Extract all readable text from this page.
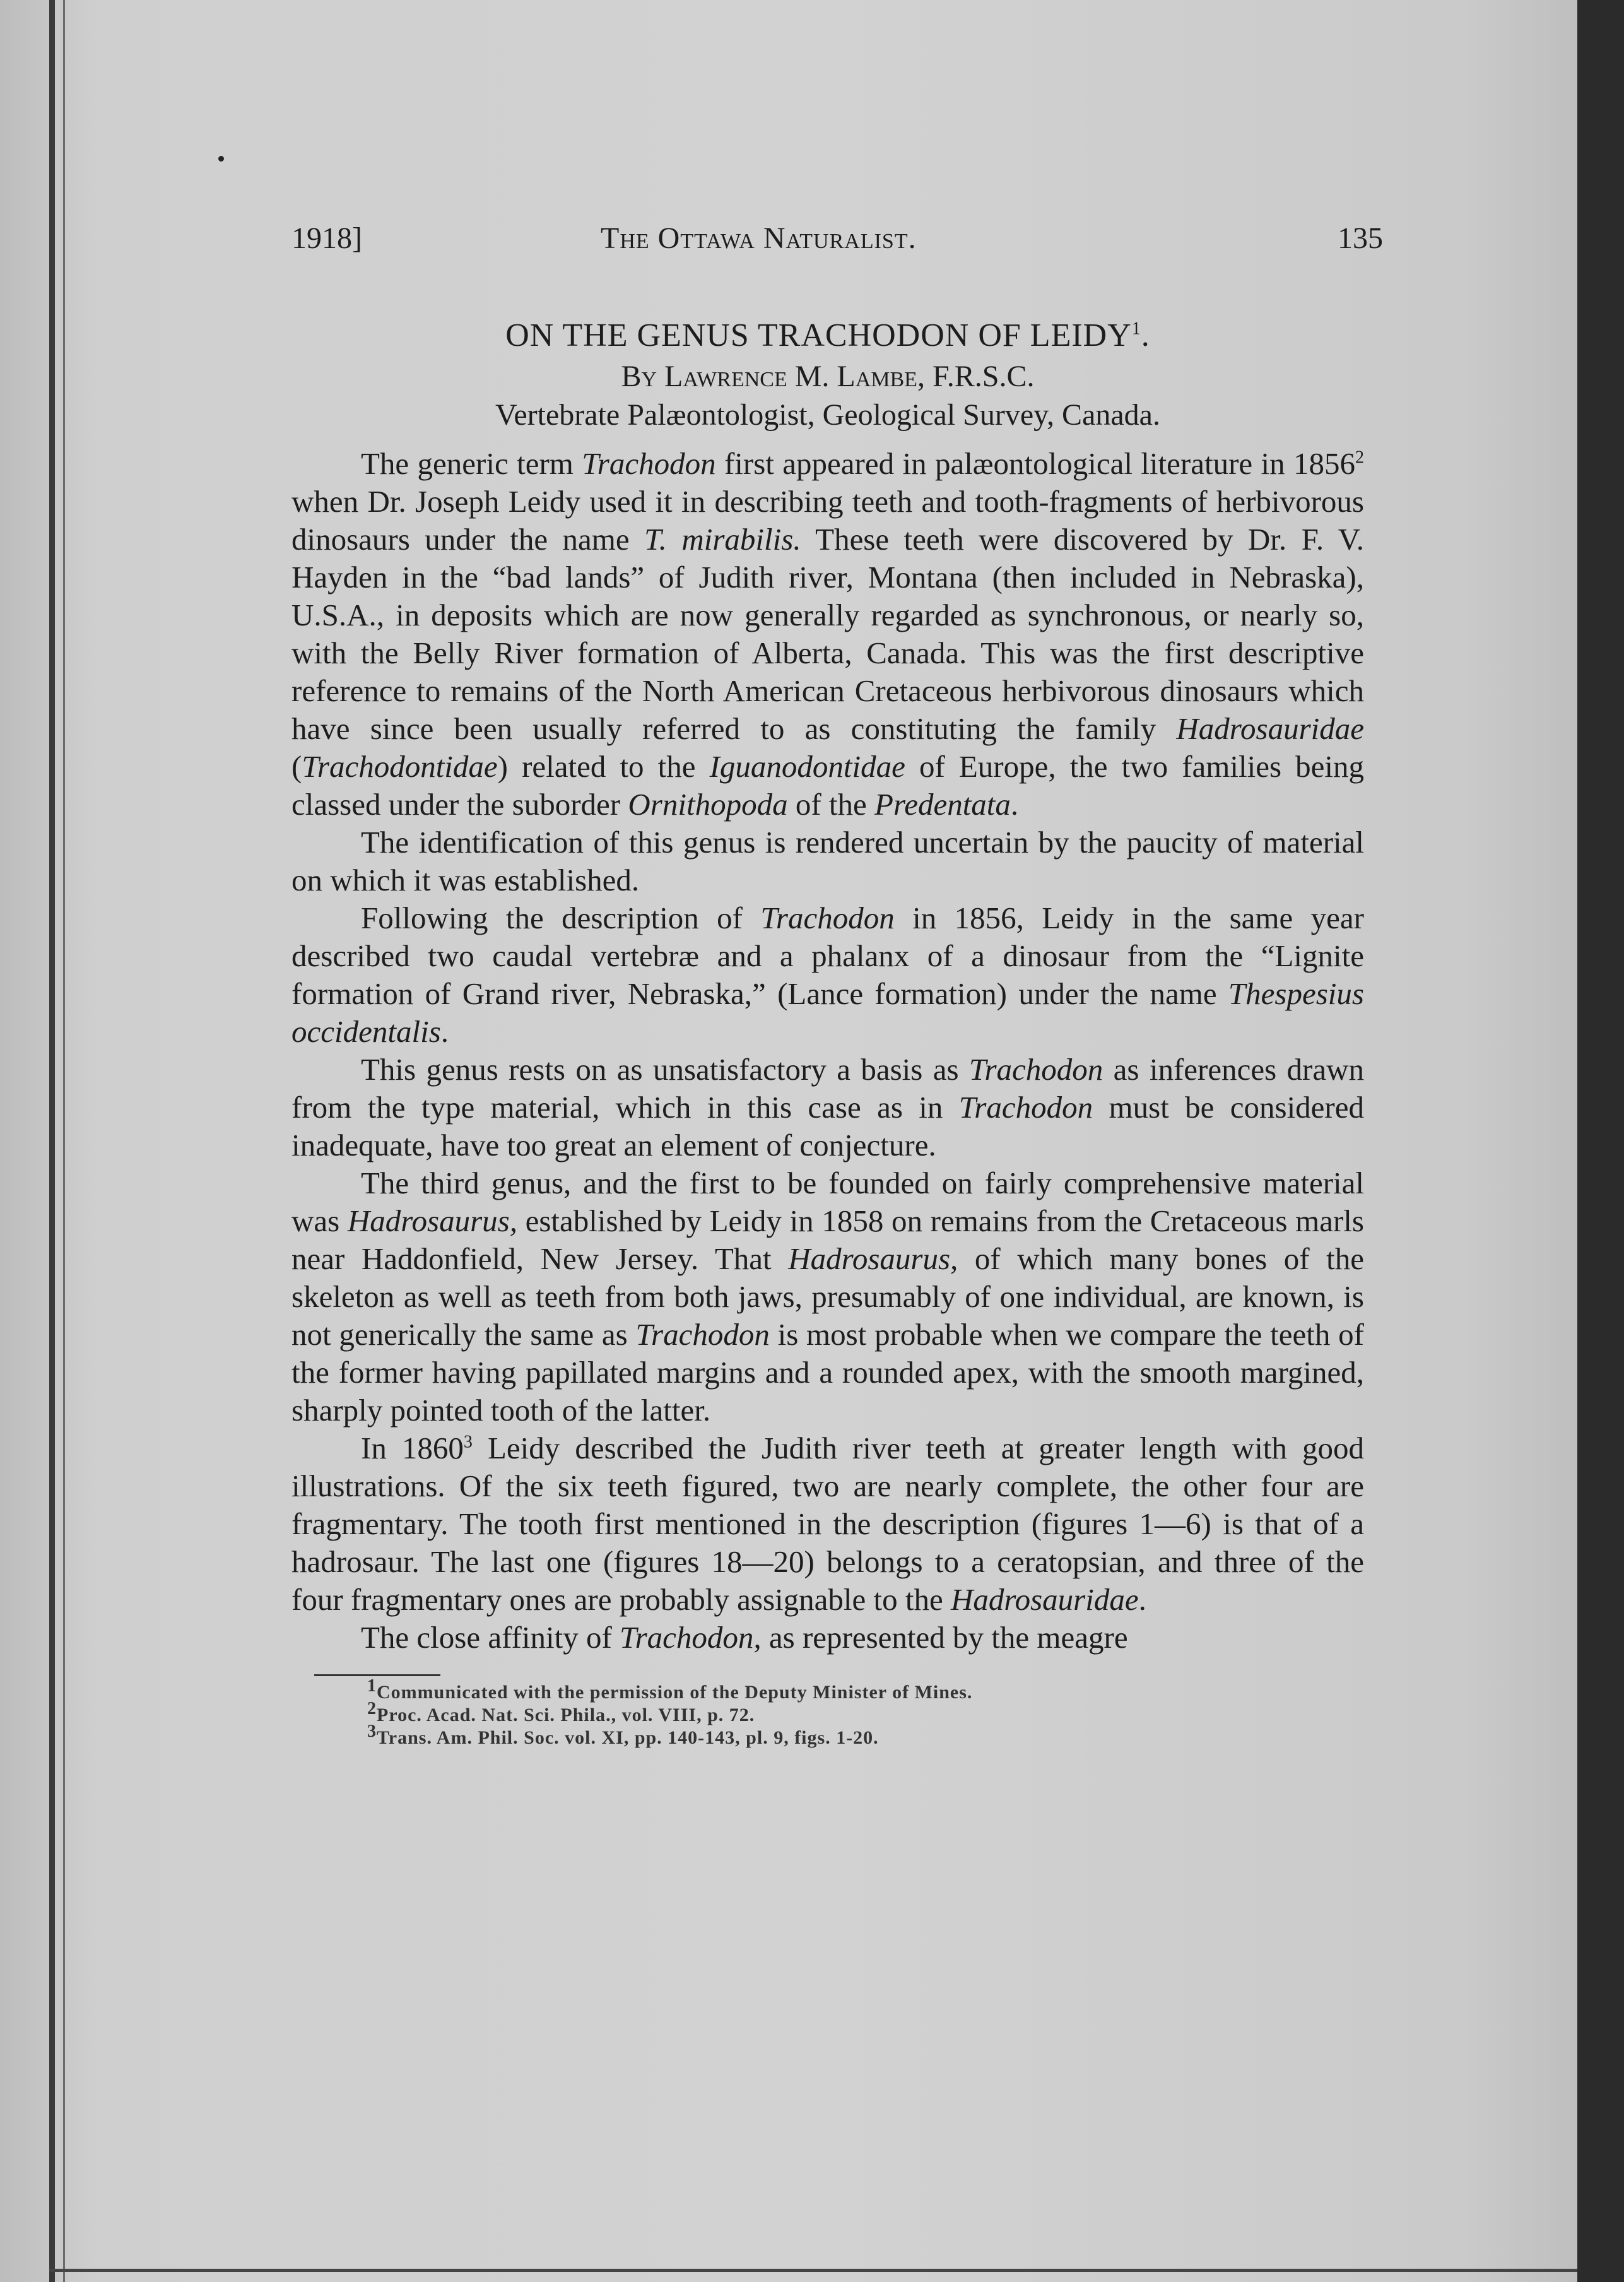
1918]	The Ottawa Naturalist.	135
ON THE GENUS TRACHODON OF LEIDY$^1$.
By Lawrence M. Lambe, F.R.S.C.
Vertebrate Palæontologist, Geological Survey, Canada.

The generic term Trachodon first appeared in palæontological literature in 1856$^2$ when Dr. Joseph Leidy used it in describing teeth and tooth-fragments of herbivorous dinosaurs under the name T. mirabilis. These teeth were discovered by Dr. F. V. Hayden in the “bad lands” of Judith river, Montana (then included in Nebraska), U.S.A., in deposits which are now generally regarded as synchronous, or nearly so, with the Belly River formation of Alberta, Canada. This was the first descriptive reference to remains of the North American Cretaceous herbivorous dinosaurs which have since been usually referred to as constituting the family Hadrosauridae (Trachodontidae) related to the Iguanodontidae of Europe, the two families being classed under the suborder Ornithopoda of the Predentata.

The identification of this genus is rendered uncertain by the paucity of material on which it was established.

Following the description of Trachodon in 1856, Leidy in the same year described two caudal vertebræ and a phalanx of a dinosaur from the “Lignite formation of Grand river, Nebraska,” (Lance formation) under the name Thespesius occidentalis.

This genus rests on as unsatisfactory a basis as Trachodon as inferences drawn from the type material, which in this case as in Trachodon must be considered inadequate, have too great an element of conjecture.

The third genus, and the first to be founded on fairly comprehensive material was Hadrosaurus, established by Leidy in 1858 on remains from the Cretaceous marls near Haddonfield, New Jersey. That Hadrosaurus, of which many bones of the skeleton as well as teeth from both jaws, presumably of one individual, are known, is not generically the same as Trachodon is most probable when we compare the teeth of the former having papillated margins and a rounded apex, with the smooth margined, sharply pointed tooth of the latter.

In 1860$^3$ Leidy described the Judith river teeth at greater length with good illustrations. Of the six teeth figured, two are nearly complete, the other four are fragmentary. The tooth first mentioned in the description (figures 1—6) is that of a hadrosaur. The last one (figures 18—20) belongs to a ceratopsian, and three of the four fragmentary ones are probably assignable to the Hadrosauridae.

The close affinity of Trachodon, as represented by the meagre

$^1$Communicated with the permission of the Deputy Minister of Mines.
$^2$Proc. Acad. Nat. Sci. Phila., vol. VIII, p. 72.
$^3$Trans. Am. Phil. Soc. vol. XI, pp. 140-143, pl. 9, figs. 1-20.
